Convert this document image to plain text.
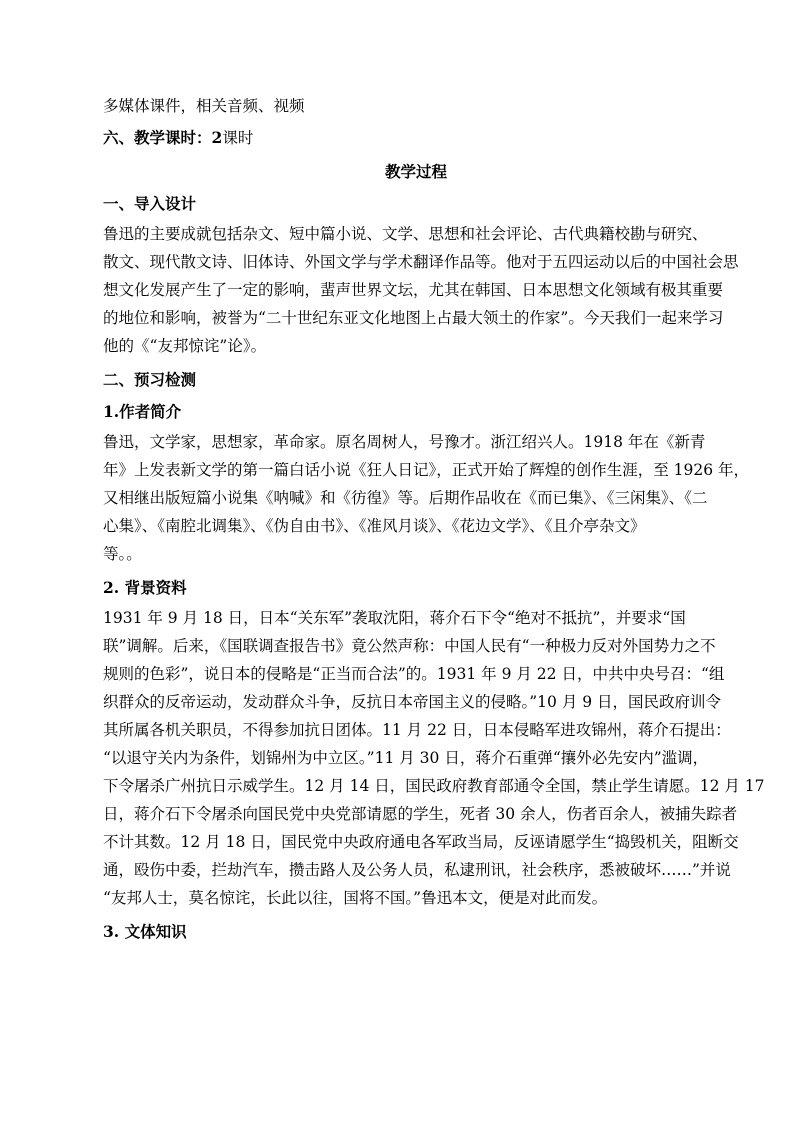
多媒体课件，相关音频、视频

六、教学课时：2课时

教学过程

一、导入设计

鲁迅的主要成就包括杂文、短中篇小说、文学、思想和社会评论、古代典籍校勘与研究、
散文、现代散文诗、旧体诗、外国文学与学术翻译作品等。他对于五四运动以后的中国社会思
想文化发展产生了一定的影响，蜚声世界文坛，尤其在韩国、日本思想文化领域有极其重要
的地位和影响，被誉为“二十世纪东亚文化地图上占最大领土的作家”。今天我们一起来学习
他的《“友邦惊诧”论》。

二、预习检测

1.作者简介

鲁迅，文学家，思想家，革命家。原名周树人，号豫才。浙江绍兴人。1918 年在《新青
年》上发表新文学的第一篇白话小说《狂人日记》，正式开始了辉煌的创作生涯，至 1926 年，
又相继出版短篇小说集《呐喊》和《彷徨》等。后期作品收在《而已集》、《三闲集》、《二
心集》、《南腔北调集》、《伪自由书》、《准风月谈》、《花边文学》、《且介亭杂文》
等。。

2. 背景资料

1931 年 9 月 18 日，日本“关东军”袭取沈阳，蒋介石下令“绝对不抵抗”，并要求“国
联”调解。后来，《国联调查报告书》竟公然声称：中国人民有“一种极力反对外国势力之不
规则的色彩”，说日本的侵略是“正当而合法”的。1931 年 9 月 22 日，中共中央号召：“组
织群众的反帝运动，发动群众斗争，反抗日本帝国主义的侵略。”10 月 9 日，国民政府训令
其所属各机关职员，不得参加抗日团体。11 月 22 日，日本侵略军进攻锦州，蒋介石提出：
“以退守关内为条件，划锦州为中立区。”11 月 30 日，蒋介石重弹“攘外必先安内”滥调，
下令屠杀广州抗日示威学生。12 月 14 日，国民政府教育部通令全国，禁止学生请愿。12 月 17
日，蒋介石下令屠杀向国民党中央党部请愿的学生，死者 30 余人，伤者百余人，被捕失踪者
不计其数。12 月 18 日，国民党中央政府通电各军政当局，反诬请愿学生“捣毁机关，阻断交
通，殴伤中委，拦劫汽车，攒击路人及公务人员，私逮刑讯，社会秩序，悉被破坏……”并说
“友邦人士，莫名惊诧，长此以往，国将不国。”鲁迅本文，便是对此而发。

3. 文体知识
